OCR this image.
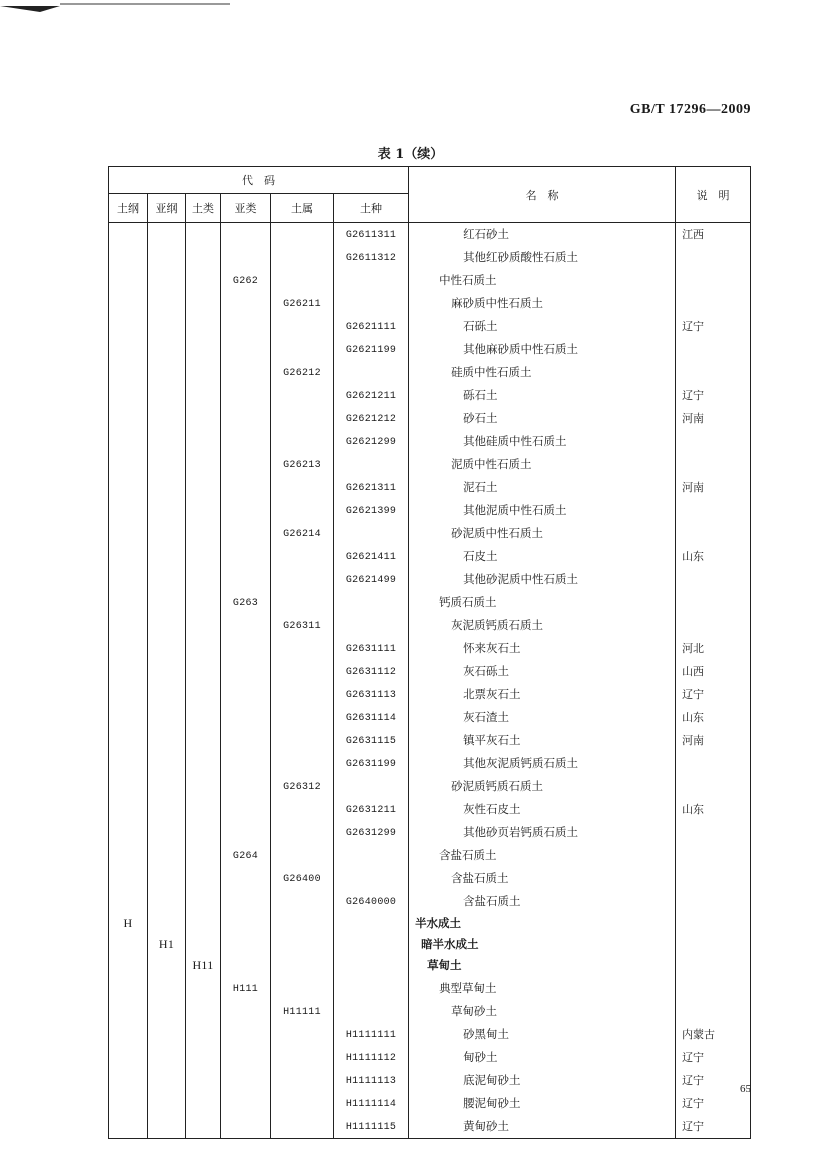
GB/T 17296—2009
表 1（续）
代　码						名　称	说　明
土纲	亚纲	土类	亚类	土属	土种		
					G2611311	红石砂土	江西
					G2611312	其他红砂质酸性石质土	
			G262			中性石质土	
				G26211		麻砂质中性石质土	
					G2621111	石砾土	辽宁
					G2621199	其他麻砂质中性石质土	
				G26212		硅质中性石质土	
					G2621211	砾石土	辽宁
					G2621212	砂石土	河南
					G2621299	其他硅质中性石质土	
				G26213		泥质中性石质土	
					G2621311	泥石土	河南
					G2621399	其他泥质中性石质土	
				G26214		砂泥质中性石质土	
					G2621411	石皮土	山东
					G2621499	其他砂泥质中性石质土	
			G263			钙质石质土	
				G26311		灰泥质钙质石质土	
					G2631111	怀来灰石土	河北
					G2631112	灰石砾土	山西
					G2631113	北票灰石土	辽宁
					G2631114	灰石渣土	山东
					G2631115	镇平灰石土	河南
					G2631199	其他灰泥质钙质石质土	
				G26312		砂泥质钙质石质土	
					G2631211	灰性石皮土	山东
					G2631299	其他砂页岩钙质石质土	
			G264			含盐石质土	
				G26400		含盐石质土	
					G2640000	含盐石质土	
H						半水成土	
	H1					暗半水成土	
		H11				草甸土	
			H111			典型草甸土	
				H11111		草甸砂土	
					H1111111	砂黑甸土	内蒙古
					H1111112	甸砂土	辽宁
					H1111113	底泥甸砂土	辽宁
					H1111114	腰泥甸砂土	辽宁
					H1111115	黄甸砂土	辽宁
65
